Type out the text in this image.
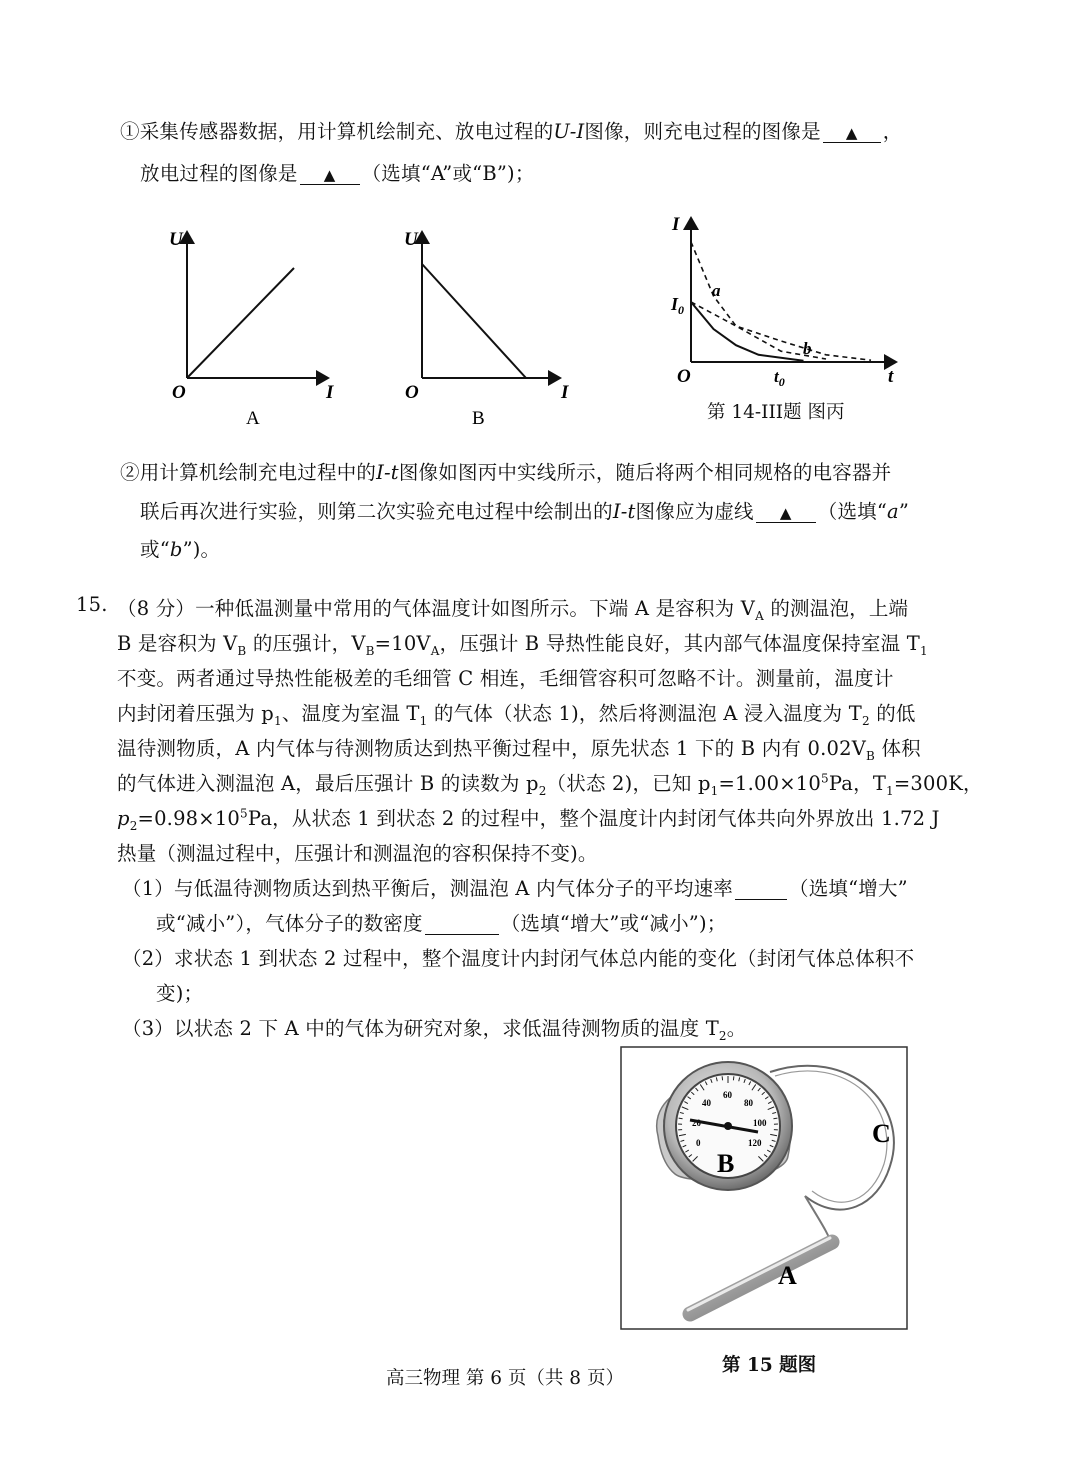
①采集传感器数据，用计算机绘制充、放电过程的U-I图像，则充电过程的图像是 ▲ ，
放电过程的图像是 ▲ （选填“A”或“B”)；
U
I
O
A
U
I
O
B
I
t
O
$I_0$
$t_0$
a
b
第 14-III题 图丙
②用计算机绘制充电过程中的I-t图像如图丙中实线所示，随后将两个相同规格的电容器并
联后再次进行实验，则第二次实验充电过程中绘制出的I-t图像应为虚线 ▲ （选填“a”
或“b”)。
15. （8 分）一种低温测量中常用的气体温度计如图所示。下端 A 是容积为 $V_A$ 的测温泡，上端
B 是容积为 $V_B$ 的压强计，$V_B=10V_A$，压强计 B 导热性能良好，其内部气体温度保持室温 $T_1$
不变。两者通过导热性能极差的毛细管 C 相连，毛细管容积可忽略不计。测量前，温度计
内封闭着压强为 $p_1$、温度为室温 $T_1$ 的气体（状态 1)，然后将测温泡 A 浸入温度为 $T_2$ 的低
温待测物质，A 内气体与待测物质达到热平衡过程中，原先状态 1 下的 B 内有 $0.02V_B$ 体积
的气体进入测温泡 A，最后压强计 B 的读数为 $p_2$（状态 2)，已知 $p_1=1.00\times 10^5Pa$，$T_1=300K$，
$p_2=0.98\times 10^5Pa$，从状态 1 到状态 2 的过程中，整个温度计内封闭气体共向外界放出 1.72 J
热量（测温过程中，压强计和测温泡的容积保持不变)。
（1）与低温待测物质达到热平衡后，测温泡 A 内气体分子的平均速率	（选填“增大”
或“减小”），气体分子的数密度	（选填“增大”或“减小”)；
（2）求状态 1 到状态 2 过程中，整个温度计内封闭气体总内能的变化（封闭气体总体积不
变)；
（3）以状态 2 下 A 中的气体为研究对象，求低温待测物质的温度 $T_2$。
40
60
80
100
120
20
0
B
C
A
第 15 题图
高三物理 第 6 页（共 8 页）
